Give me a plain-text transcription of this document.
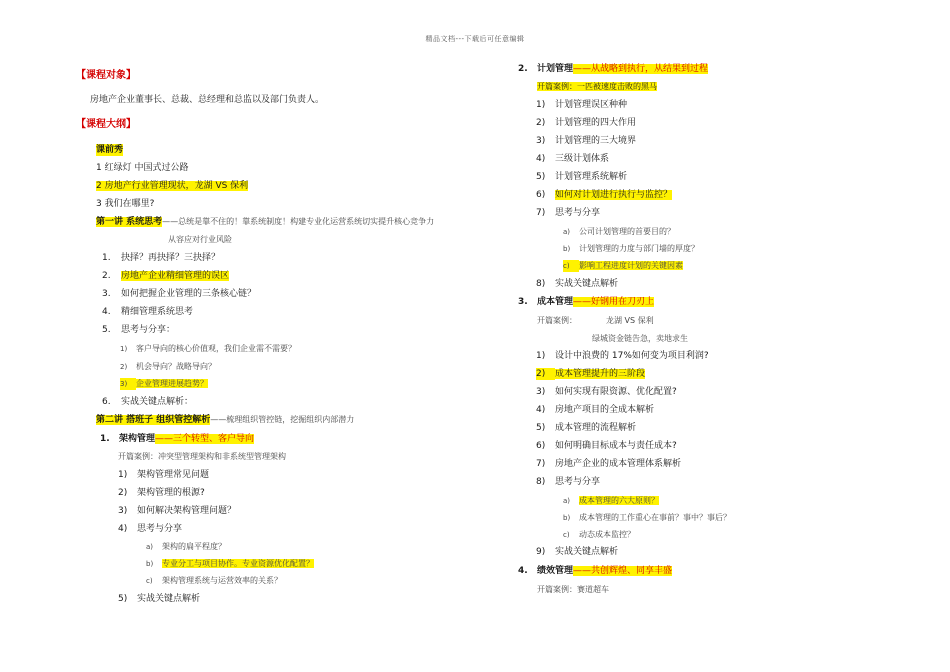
精品文档---下载后可任意编辑
【课程对象】
房地产企业董事长、总裁、总经理和总监以及部门负责人。
【课程大纲】
课前秀
1 红绿灯 中国式过公路
2 房地产行业管理现状，龙湖 VS 保利
3 我们在哪里?
第一讲 系统思考——总统是靠不住的！靠系统制度！构建专业化运营系统切实提升核心竞争力
从容应对行业风险
1. 抉择？再抉择？三抉择？
2. 房地产企业精细管理的误区
3. 如何把握企业管理的三条核心链？
4. 精细管理系统思考
5. 思考与分享：
1) 客户导向的核心价值观，我们企业需不需要？
2) 机会导向？战略导向？
3) 企业管理进展趋势？
6. 实战关键点解析：
第二讲 搭班子 组织管控解析——梳理组织管控链，挖掘组织内部潜力
1. 架构管理——三个转型、客户导向
开篇案例：冲突型管理架构和非系统型管理架构
1) 架构管理常见问题
2) 架构管理的根源?
3) 如何解决架构管理问题？
4) 思考与分享
a) 架构的扁平程度？
b) 专业分工与项目协作。专业资源优化配置？
c) 架构管理系统与运营效率的关系？
5) 实战关键点解析
2. 计划管理——从战略到执行，从结果到过程
开篇案例：一匹被速度击败的黑马
1) 计划管理误区种种
2) 计划管理的四大作用
3) 计划管理的三大境界
4) 三级计划体系
5) 计划管理系统解析
6) 如何对计划进行执行与监控？
7) 思考与分享
a) 公司计划管理的首要目的？
b) 计划管理的力度与部门墙的厚度？
c) 影响工程进度计划的关键因素
8) 实战关键点解析
3. 成本管理——好钢用在刀刃上
开篇案例：	龙湖 VS 保利
绿城资金链告急，卖地求生
1) 设计中浪费的 17%如何变为项目利润?
2) 成本管理提升的三阶段
3) 如何实现有限资源、优化配置?
4) 房地产项目的全成本解析
5) 成本管理的流程解析
6) 如何明确目标成本与责任成本?
7) 房地产企业的成本管理体系解析
8) 思考与分享
a) 成本管理的六大原则？
b) 成本管理的工作重心在事前？事中？事后？
c) 动态成本监控？
9) 实战关键点解析
4. 绩效管理——共创辉煌、同享丰盛
开篇案例：赛道超车
